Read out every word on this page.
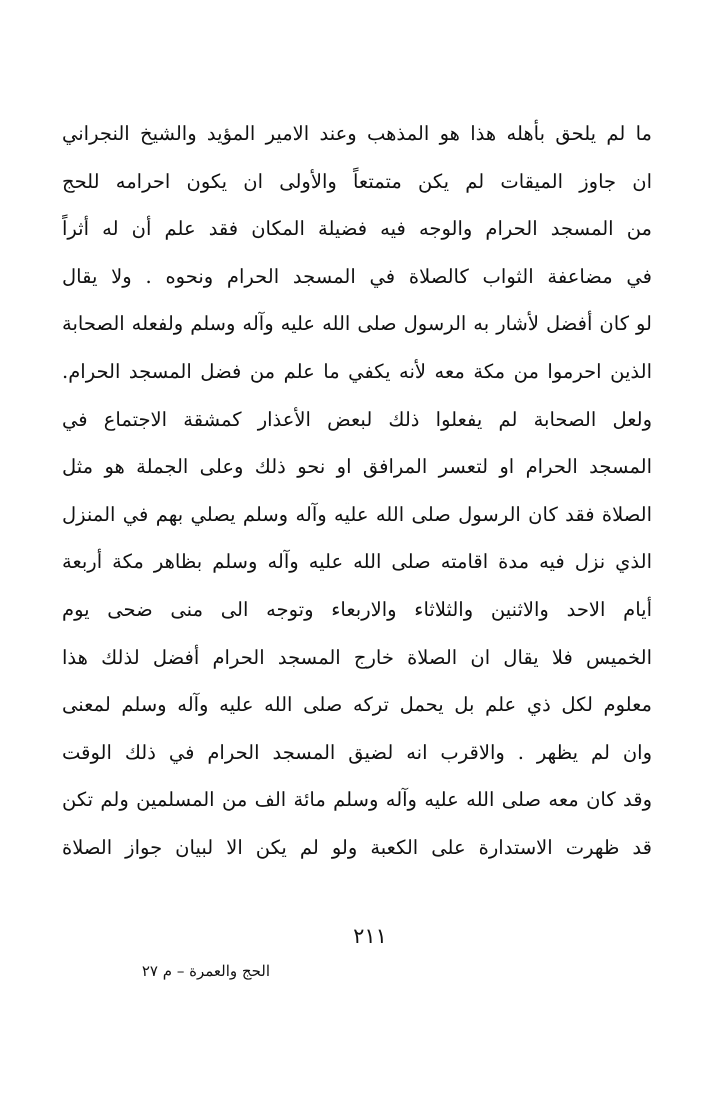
ما لم يلحق بأهله هذا هو المذهب وعند الامير المؤيد والشيخ النجراني
ان جاوز الميقات لم يكن متمتعاً والأولى ان يكون احرامه للحج
من المسجد الحرام والوجه فيه فضيلة المكان فقد علم أن له أثراً
في مضاعفة الثواب كالصلاة في المسجد الحرام ونحوه . ولا يقال
لو كان أفضل لأشار به الرسول صلى الله عليه وآله وسلم ولفعله الصحابة
الذين احرموا من مكة معه لأنه يكفي ما علم من فضل المسجد الحرام.
ولعل الصحابة لم يفعلوا ذلك لبعض الأعذار كمشقة الاجتماع في
المسجد الحرام او لتعسر المرافق او نحو ذلك وعلى الجملة هو مثل
الصلاة فقد كان الرسول صلى الله عليه وآله وسلم يصلي بهم في المنزل
الذي نزل فيه مدة اقامته صلى الله عليه وآله وسلم بظاهر مكة أربعة
أيام الاحد والاثنين والثلاثاء والاربعاء وتوجه الى منى ضحى يوم
الخميس فلا يقال ان الصلاة خارج المسجد الحرام أفضل لذلك هذا
معلوم لكل ذي علم بل يحمل تركه صلى الله عليه وآله وسلم لمعنى
وان لم يظهر . والاقرب انه لضيق المسجد الحرام في ذلك الوقت
وقد كان معه صلى الله عليه وآله وسلم مائة الف من المسلمين ولم تكن
قد ظهرت الاستدارة على الكعبة ولو لم يكن الا لبيان جواز الصلاة
٢١١
الحج والعمرة – م ٢٧
